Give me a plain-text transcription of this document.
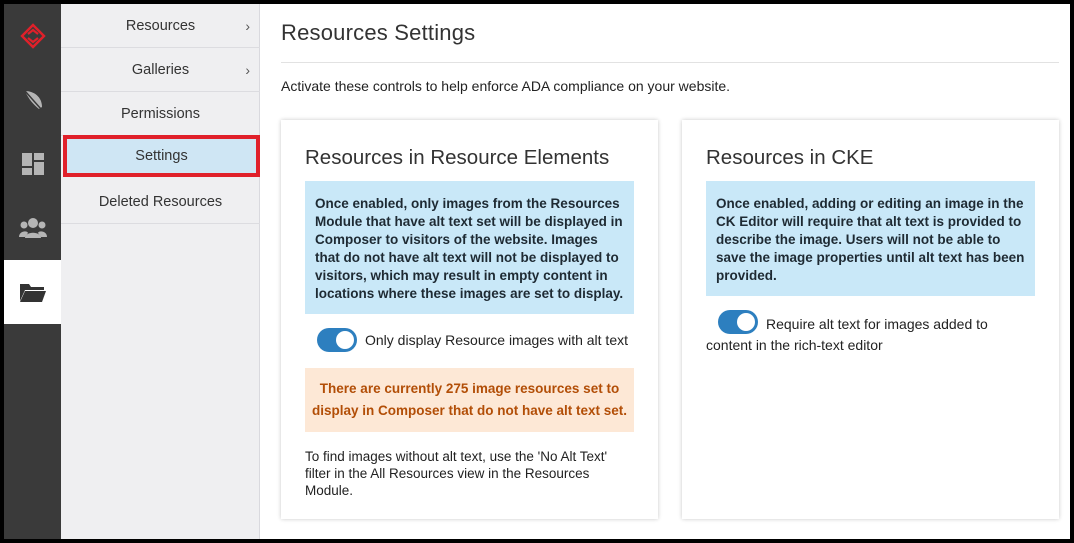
Resources	›
Galleries	›
Permissions
Settings
Deleted Resources
Resources Settings

Activate these controls to help enforce ADA compliance on your website.

Resources in Resource Elements
Once enabled, only images from the Resources Module that have alt text set will be displayed in Composer to visitors of the website. Images that do not have alt text will not be displayed to visitors, which may result in empty content in locations where these images are set to display.
Only display Resource images with alt text
There are currently 275 image resources set to display in Composer that do not have alt text set.

To find images without alt text, use the 'No Alt Text' filter in the All Resources view in the Resources Module.

Resources in CKE
Once enabled, adding or editing an image in the CK Editor will require that alt text is provided to describe the image. Users will not be able to save the image properties until alt text has been provided.
Require alt text for images added to content in the rich-text editor
